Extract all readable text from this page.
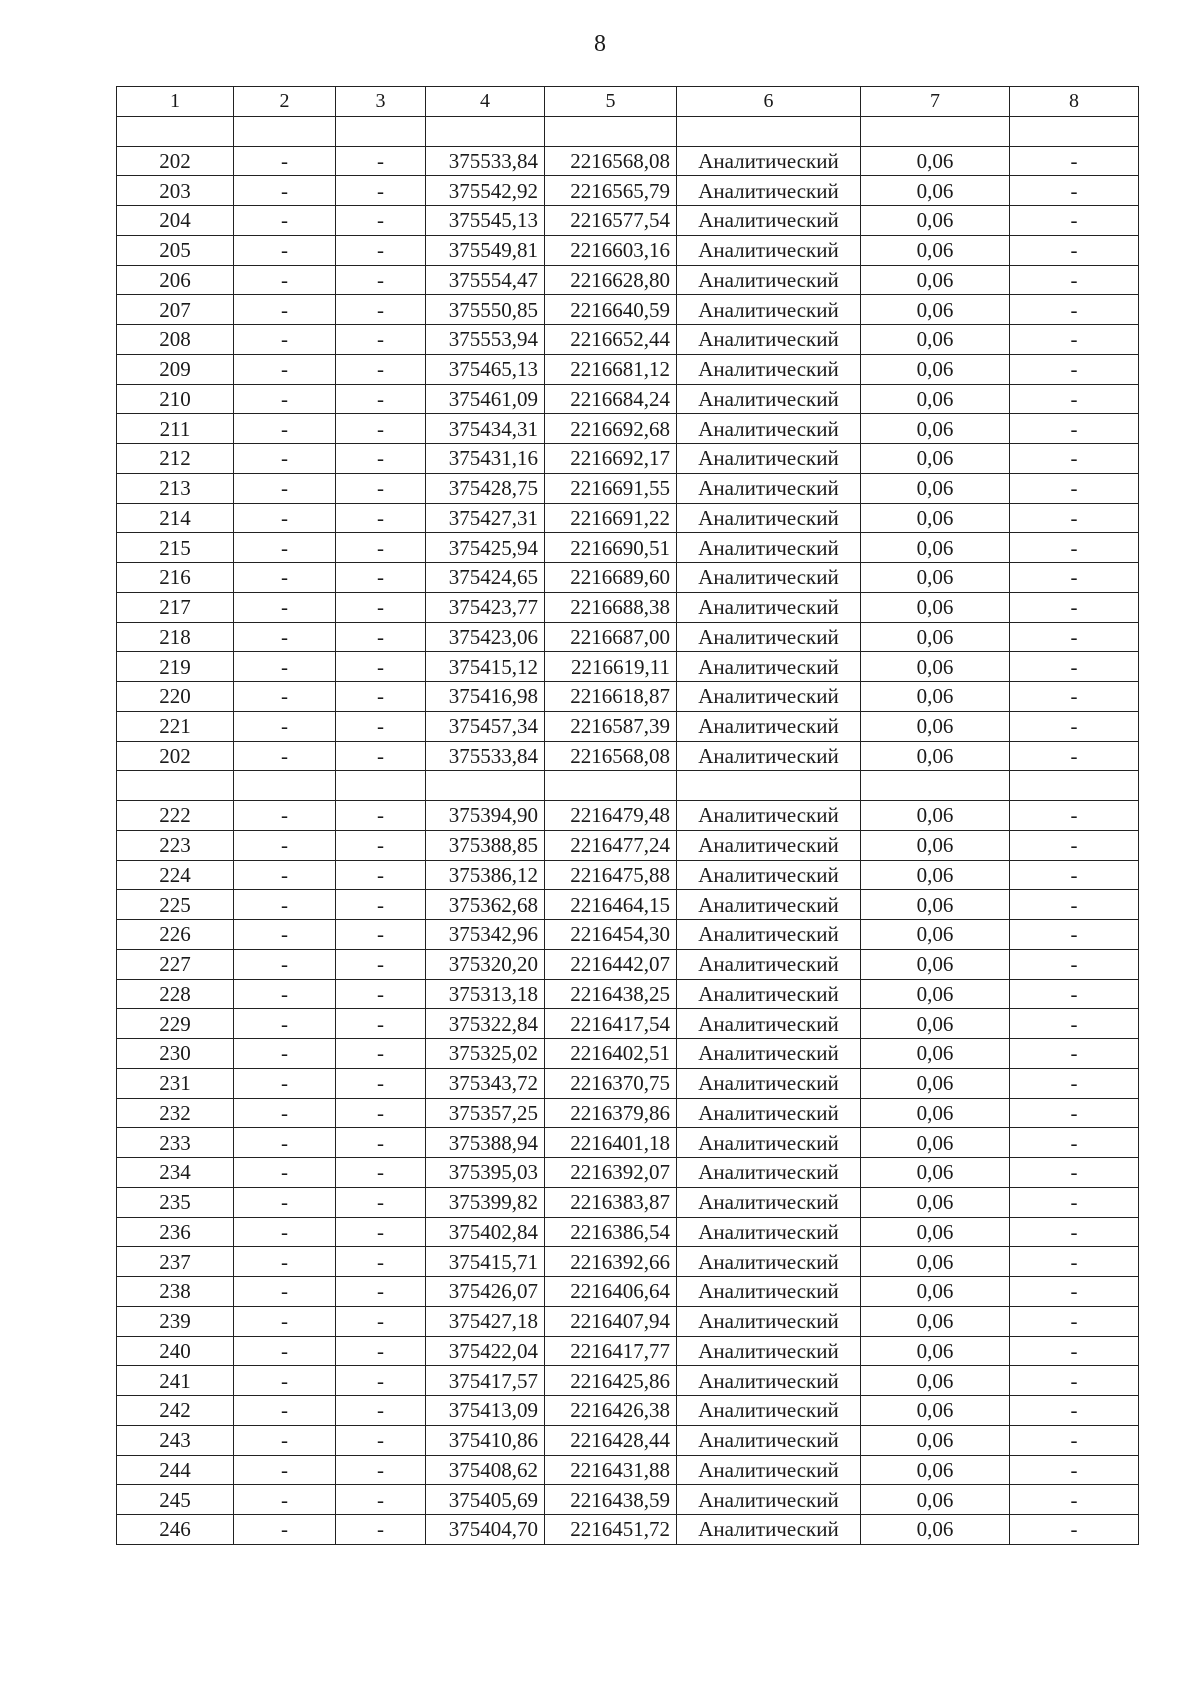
8
1	2	3	4	5	6	7	8

202	-	-	375533,84	2216568,08	Аналитический	0,06	-
203	-	-	375542,92	2216565,79	Аналитический	0,06	-
204	-	-	375545,13	2216577,54	Аналитический	0,06	-
205	-	-	375549,81	2216603,16	Аналитический	0,06	-
206	-	-	375554,47	2216628,80	Аналитический	0,06	-
207	-	-	375550,85	2216640,59	Аналитический	0,06	-
208	-	-	375553,94	2216652,44	Аналитический	0,06	-
209	-	-	375465,13	2216681,12	Аналитический	0,06	-
210	-	-	375461,09	2216684,24	Аналитический	0,06	-
211	-	-	375434,31	2216692,68	Аналитический	0,06	-
212	-	-	375431,16	2216692,17	Аналитический	0,06	-
213	-	-	375428,75	2216691,55	Аналитический	0,06	-
214	-	-	375427,31	2216691,22	Аналитический	0,06	-
215	-	-	375425,94	2216690,51	Аналитический	0,06	-
216	-	-	375424,65	2216689,60	Аналитический	0,06	-
217	-	-	375423,77	2216688,38	Аналитический	0,06	-
218	-	-	375423,06	2216687,00	Аналитический	0,06	-
219	-	-	375415,12	2216619,11	Аналитический	0,06	-
220	-	-	375416,98	2216618,87	Аналитический	0,06	-
221	-	-	375457,34	2216587,39	Аналитический	0,06	-
202	-	-	375533,84	2216568,08	Аналитический	0,06	-

222	-	-	375394,90	2216479,48	Аналитический	0,06	-
223	-	-	375388,85	2216477,24	Аналитический	0,06	-
224	-	-	375386,12	2216475,88	Аналитический	0,06	-
225	-	-	375362,68	2216464,15	Аналитический	0,06	-
226	-	-	375342,96	2216454,30	Аналитический	0,06	-
227	-	-	375320,20	2216442,07	Аналитический	0,06	-
228	-	-	375313,18	2216438,25	Аналитический	0,06	-
229	-	-	375322,84	2216417,54	Аналитический	0,06	-
230	-	-	375325,02	2216402,51	Аналитический	0,06	-
231	-	-	375343,72	2216370,75	Аналитический	0,06	-
232	-	-	375357,25	2216379,86	Аналитический	0,06	-
233	-	-	375388,94	2216401,18	Аналитический	0,06	-
234	-	-	375395,03	2216392,07	Аналитический	0,06	-
235	-	-	375399,82	2216383,87	Аналитический	0,06	-
236	-	-	375402,84	2216386,54	Аналитический	0,06	-
237	-	-	375415,71	2216392,66	Аналитический	0,06	-
238	-	-	375426,07	2216406,64	Аналитический	0,06	-
239	-	-	375427,18	2216407,94	Аналитический	0,06	-
240	-	-	375422,04	2216417,77	Аналитический	0,06	-
241	-	-	375417,57	2216425,86	Аналитический	0,06	-
242	-	-	375413,09	2216426,38	Аналитический	0,06	-
243	-	-	375410,86	2216428,44	Аналитический	0,06	-
244	-	-	375408,62	2216431,88	Аналитический	0,06	-
245	-	-	375405,69	2216438,59	Аналитический	0,06	-
246	-	-	375404,70	2216451,72	Аналитический	0,06	-
